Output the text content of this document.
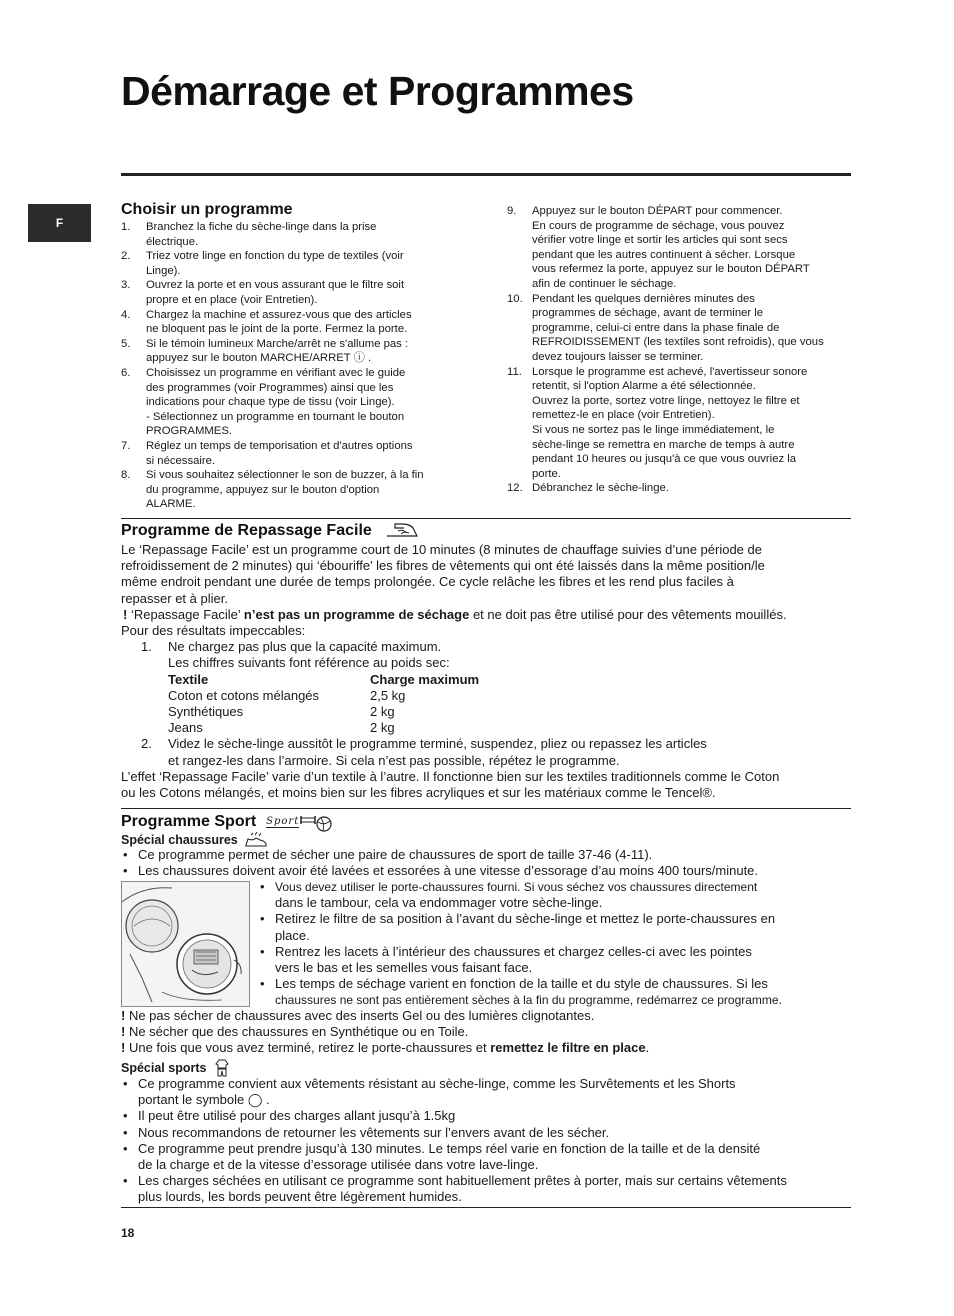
Démarrage et Programmes
F
Choisir un programme
1. Branchez la fiche du sèche-linge dans la prise
électrique.
2. Triez votre linge en fonction du type de textiles (voir
Linge).
3. Ouvrez la porte et en vous assurant que le filtre soit
propre et en place (voir Entretien).
4. Chargez la machine et assurez-vous que des articles
ne bloquent pas le joint de la porte. Fermez la porte.
5. Si le témoin lumineux Marche/arrêt ne s'allume pas :
appuyez sur le bouton MARCHE/ARRET ⓘ .
6. Choisissez un programme en vérifiant avec le guide
des programmes (voir Programmes) ainsi que les
indications pour chaque type de tissu (voir Linge).
- Sélectionnez un programme en tournant le bouton
PROGRAMMES.
7. Réglez un temps de temporisation et d'autres options
si nécessaire.
8. Si vous souhaitez sélectionner le son de buzzer, à la fin
du programme, appuyez sur le bouton d'option
ALARME.
9. Appuyez sur le bouton DÉPART pour commencer.
En cours de programme de séchage, vous pouvez
vérifier votre linge et sortir les articles qui sont secs
pendant que les autres continuent à sécher. Lorsque
vous refermez la porte, appuyez sur le bouton DÉPART
afin de continuer le séchage.
10. Pendant les quelques dernières minutes des
programmes de séchage, avant de terminer le
programme, celui-ci entre dans la phase finale de
REFROIDISSEMENT (les textiles sont refroidis), que vous
devez toujours laisser se terminer.
11. Lorsque le programme est achevé, l'avertisseur sonore
retentit, si l'option Alarme a été sélectionnée.
Ouvrez la porte, sortez votre linge, nettoyez le filtre et
remettez-le en place (voir Entretien).
Si vous ne sortez pas le linge immédiatement, le
sèche-linge se remettra en marche de temps à autre
pendant 10 heures ou jusqu'à ce que vous ouvriez la
porte.
12. Débranchez le sèche-linge.
Programme de Repassage Facile
Le ‘Repassage Facile’ est un programme court de 10 minutes (8 minutes de chauffage suivies d’une période de
refroidissement de 2 minutes) qui ‘ébouriffe’ les fibres de vêtements qui ont été laissés dans la même position/le
même endroit pendant une durée de temps prolongée. Ce cycle relâche les fibres et les rend plus faciles à
repasser et à plier.
! ‘Repassage Facile’ n’est pas un programme de séchage et ne doit pas être utilisé pour des vêtements mouillés.
Pour des résultats impeccables:
1. Ne chargez pas plus que la capacité maximum.
Les chiffres suivants font référence au poids sec:
Textile	Charge maximum
Coton et cotons mélangés	2,5 kg
Synthétiques	2 kg
Jeans	2 kg
2. Videz le sèche-linge aussitôt le programme terminé, suspendez, pliez ou repassez les articles
et rangez-les dans l’armoire. Si cela n’est pas possible, répétez le programme.
L’effet ‘Repassage Facile’ varie d’un textile à l’autre. Il fonctionne bien sur les textiles traditionnels comme le Coton
ou les Cotons mélangés, et moins bien sur les fibres acryliques et sur les matériaux comme le Tencel®.
Programme Sport Sport
Spécial chaussures
• Ce programme permet de sécher une paire de chaussures de sport de taille 37-46 (4-11).
• Les chaussures doivent avoir été lavées et essorées à une vitesse d’essorage d’au moins 400 tours/minute.
• Vous devez utiliser le porte-chaussures fourni. Si vous séchez vos chaussures directement
dans le tambour, cela va endommager votre sèche-linge.
• Retirez le filtre de sa position à l’avant du sèche-linge et mettez le porte-chaussures en
place.
• Rentrez les lacets à l’intérieur des chaussures et chargez celles-ci avec les pointes
vers le bas et les semelles vous faisant face.
• Les temps de séchage varient en fonction de la taille et du style de chaussures. Si les
chaussures ne sont pas entièrement sèches à la fin du programme, redémarrez ce programme.
! Ne pas sécher de chaussures avec des inserts Gel ou des lumières clignotantes.
! Ne sécher que des chaussures en Synthétique ou en Toile.
! Une fois que vous avez terminé, retirez le porte-chaussures et remettez le filtre en place.
Spécial sports
• Ce programme convient aux vêtements résistant au sèche-linge, comme les Survêtements et les Shorts
portant le symbole ◯ .
• Il peut être utilisé pour des charges allant jusqu’à 1.5kg
• Nous recommandons de retourner les vêtements sur l’envers avant de les sécher.
• Ce programme peut prendre jusqu’à 130 minutes. Le temps réel varie en fonction de la taille et de la densité
de la charge et de la vitesse d’essorage utilisée dans votre lave-linge.
• Les charges séchées en utilisant ce programme sont habituellement prêtes à porter, mais sur certains vêtements
plus lourds, les bords peuvent être légèrement humides.
18
